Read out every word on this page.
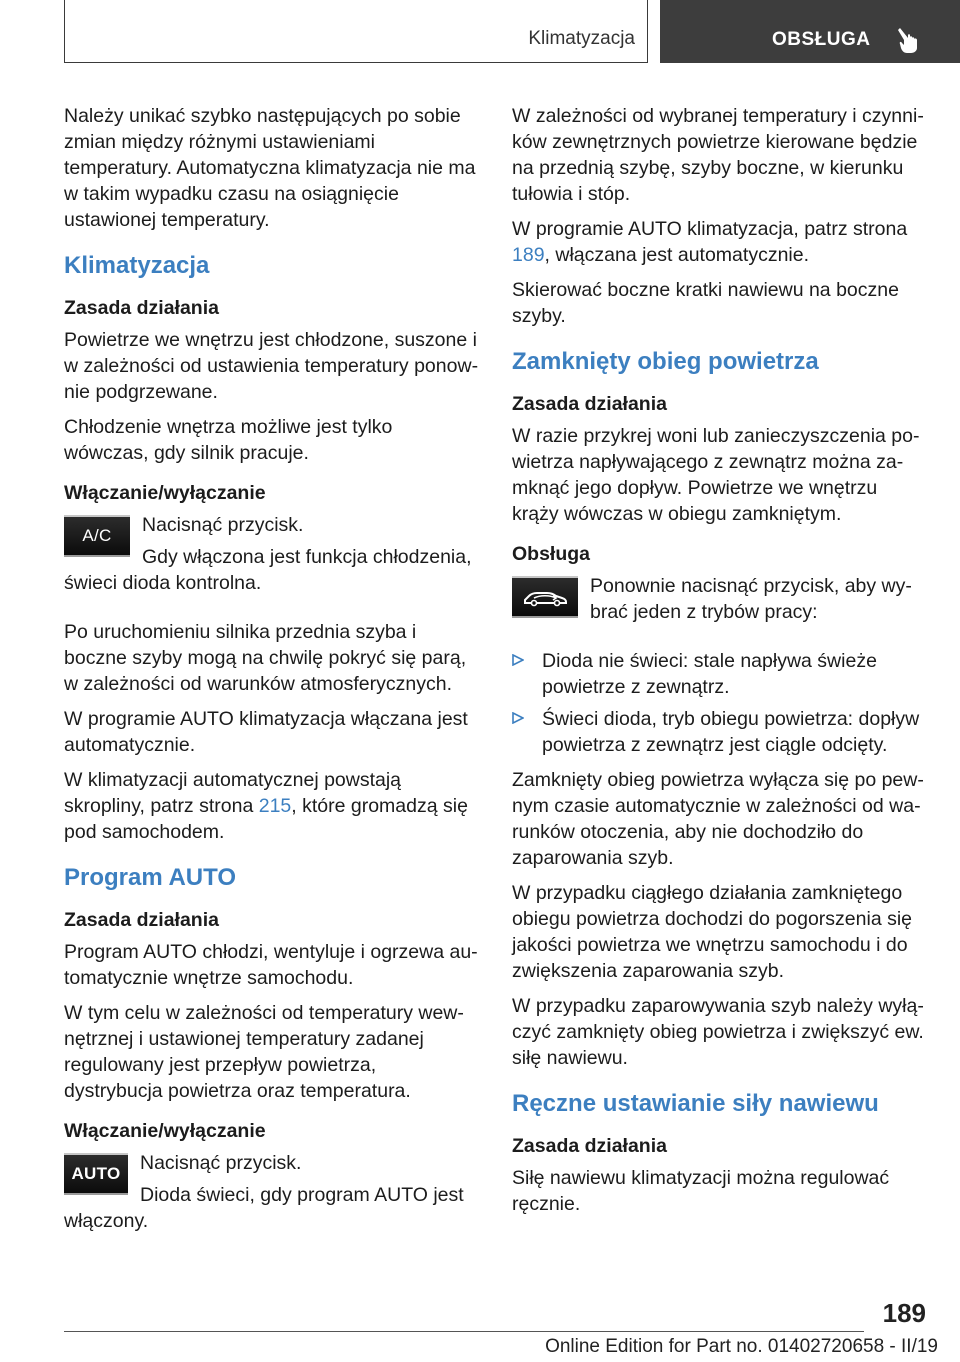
Klimatyzacja	OBSŁUGA

Należy unikać szybko następujących po sobie zmian między różnymi ustawieniami temperatury. Automatyczna klimatyzacja nie ma w takim wypadku czasu na osiągnięcie ustawionej temperatury.

Klimatyzacja
Zasada działania

Powietrze we wnętrzu jest chłodzone, suszone i w zależności od ustawienia temperatury ponownie podgrzewane.

Chłodzenie wnętrza możliwe jest tylko wówczas, gdy silnik pracuje.

Włączanie/wyłączanie
A/C	Nacisnąć przycisk.

Gdy włączona jest funkcja chłodzenia, świeci dioda kontrolna.

Po uruchomieniu silnika przednia szyba i boczne szyby mogą na chwilę pokryć się parą, w zależności od warunków atmosferycznych.

W programie AUTO klimatyzacja włączana jest automatycznie.

W klimatyzacji automatycznej powstają skropliny, patrz strona 215, które gromadzą się pod samochodem.

Program AUTO
Zasada działania

Program AUTO chłodzi, wentyluje i ogrzewa automatycznie wnętrze samochodu.

W tym celu w zależności od temperatury wewnętrznej i ustawionej temperatury zadanej regulowany jest przepływ powietrza, dystrybucja powietrza oraz temperatura.

Włączanie/wyłączanie
AUTO Nacisnąć przycisk.

Dioda świeci, gdy program AUTO jest włączony.

W zależności od wybranej temperatury i czynników zewnętrznych powietrze kierowane będzie na przednią szybę, szyby boczne, w kierunku tułowia i stóp.

W programie AUTO klimatyzacja, patrz strona 189, włączana jest automatycznie.

Skierować boczne kratki nawiewu na boczne szyby.

Zamknięty obieg powietrza
Zasada działania

W razie przykrej woni lub zanieczyszczenia powietrza napływającego z zewnątrz można zamknąć jego dopływ. Powietrze we wnętrzu krąży wówczas w obiegu zamkniętym.

Obsługa

Ponownie nacisnąć przycisk, aby wybrać jeden z trybów pracy:

Dioda nie świeci: stale napływa świeże powietrze z zewnątrz.
Świeci dioda, tryb obiegu powietrza: dopływ powietrza z zewnątrz jest ciągle odcięty.

Zamknięty obieg powietrza wyłącza się po pewnym czasie automatycznie w zależności od warunków otoczenia, aby nie dochodziło do zaparowania szyb.

W przypadku ciągłego działania zamkniętego obiegu powietrza dochodzi do pogorszenia się jakości powietrza we wnętrzu samochodu i do zwiększenia zaparowania szyb.

W przypadku zaparowywania szyb należy wyłączyć zamknięty obieg powietrza i zwiększyć ew. siłę nawiewu.

Ręczne ustawianie siły nawiewu
Zasada działania

Siłę nawiewu klimatyzacji można regulować ręcznie.

189
Online Edition for Part no. 01402720658 - II/19
